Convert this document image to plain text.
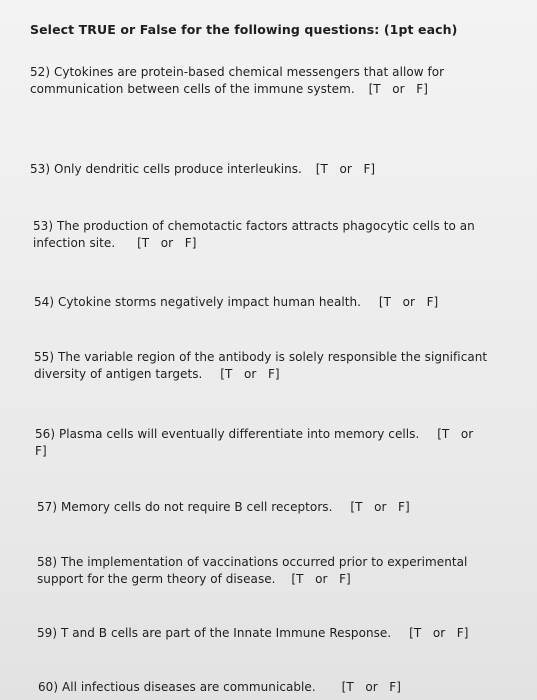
Select TRUE or False for the following questions: (1pt each)
52) Cytokines are protein-based chemical messengers that allow for
communication between cells of the immune system. [T   or   F]
53) Only dendritic cells produce interleukins. [T   or   F]
53) The production of chemotactic factors attracts phagocytic cells to an
infection site. [T   or   F]
54) Cytokine storms negatively impact human health. [T   or   F]
55) The variable region of the antibody is solely responsible the significant
diversity of antigen targets. [T   or   F]
56) Plasma cells will eventually differentiate into memory cells. [T   or
F]
57) Memory cells do not require B cell receptors. [T   or   F]
58) The implementation of vaccinations occurred prior to experimental
support for the germ theory of disease. [T   or   F]
59) T and B cells are part of the Innate Immune Response. [T   or   F]
60) All infectious diseases are communicable. [T   or   F]
